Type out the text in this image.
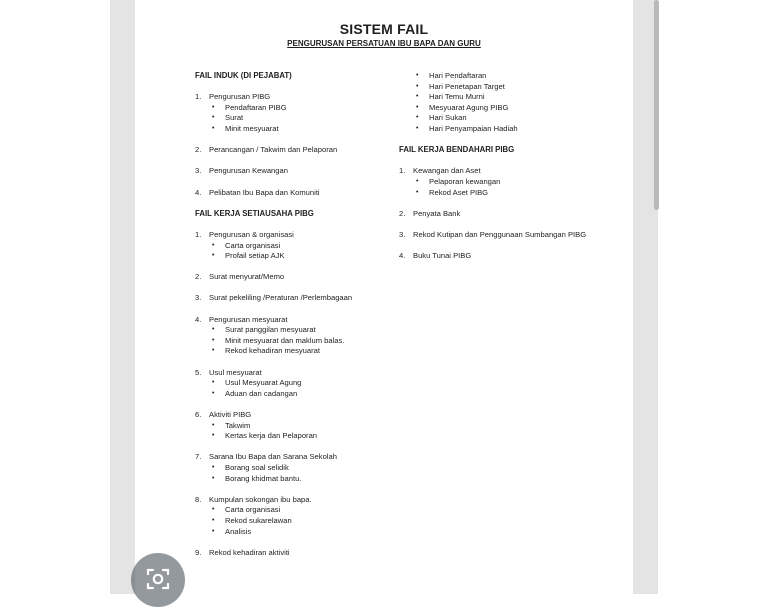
SISTEM FAIL
PENGURUSAN PERSATUAN IBU BAPA DAN GURU
FAIL INDUK (DI PEJABAT)
1. Pengurusan PIBG
• Pendaftaran PIBG
• Surat
• Minit mesyuarat
2. Perancangan / Takwim dan Pelaporan
3. Pengurusan Kewangan
4. Pelibatan Ibu Bapa dan Komuniti
FAIL KERJA SETIAUSAHA PIBG
1. Pengurusan & organisasi
• Carta organisasi
• Profail setiap AJK
2. Surat menyurat/Memo
3. Surat pekeliling /Peraturan /Perlembagaan
4. Pengurusan mesyuarat
• Surat panggilan mesyuarat
• Minit mesyuarat dan maklum balas.
• Rekod kehadiran mesyuarat
5. Usul mesyuarat
• Usul Mesyuarat Agung
• Aduan dan cadangan
6. Aktiviti PIBG
• Takwim
• Kertas kerja dan Pelaporan
7. Sarana Ibu Bapa dan Sarana Sekolah
• Borang soal selidik
• Borang khidmat bantu.
8. Kumpulan sokongan ibu bapa.
• Carta organisasi
• Rekod sukarelawan
• Analisis
9. Rekod kehadiran aktiviti
• Hari Pendaftaran
• Hari Penetapan Target
• Hari Temu Murni
• Mesyuarat Agung PIBG
• Hari Sukan
• Hari Penyampaian Hadiah
FAIL KERJA BENDAHARI PIBG
1. Kewangan dan Aset
• Pelaporan kewangan
• Rekod Aset PIBG
2. Penyata Bank
3. Rekod Kutipan dan Penggunaan Sumbangan PIBG
4. Buku Tunai PIBG
